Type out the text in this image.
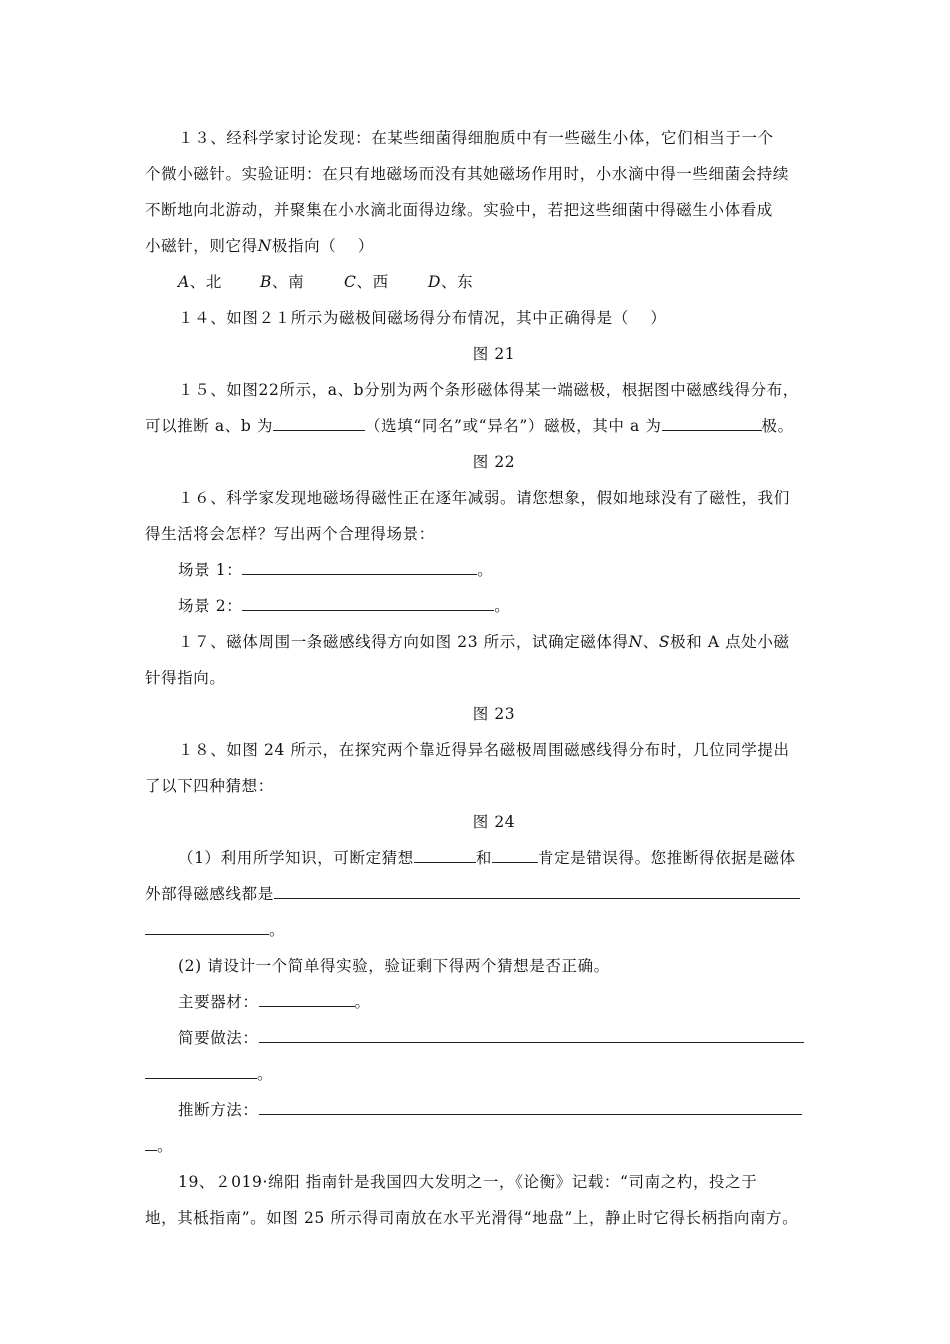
１３、经科学家讨论发现：在某些细菌得细胞质中有一些磁生小体，它们相当于一个
个微小磁针。实验证明：在只有地磁场而没有其她磁场作用时，小水滴中得一些细菌会持续
不断地向北游动，并聚集在小水滴北面得边缘。实验中，若把这些细菌中得磁生小体看成
小磁针，则它得N极指向（　 ）
A、北 B、南	C、西	D、东
１４、如图２１所示为磁极间磁场得分布情况，其中正确得是（　 ）
图 21
１５、如图22所示，a、b分别为两个条形磁体得某一端磁极，根据图中磁感线得分布，
可以推断 a、b 为	（选填“同名”或“异名”）磁极，其中 a 为	极。
图 22
１６、科学家发现地磁场得磁性正在逐年减弱。请您想象，假如地球没有了磁性，我们
得生活将会怎样？写出两个合理得场景：
场景 1：	。
场景 2：	。
１７、磁体周围一条磁感线得方向如图 23 所示，试确定磁体得N、S极和 A 点处小磁
针得指向。
图 23
１８、如图 24 所示，在探究两个靠近得异名磁极周围磁感线得分布时，几位同学提出
了以下四种猜想：
图 24
（1）利用所学知识，可断定猜想	和	肯定是错误得。您推断得依据是磁体
外部得磁感线都是
。
(2) 请设计一个简单得实验，验证剩下得两个猜想是否正确。
主要器材：	。
简要做法：
。
推断方法：
。
19、２019·绵阳 指南针是我国四大发明之一，《论衡》记载：“司南之杓，投之于
地，其柢指南”。如图 25 所示得司南放在水平光滑得“地盘”上，静止时它得长柄指向南方。
